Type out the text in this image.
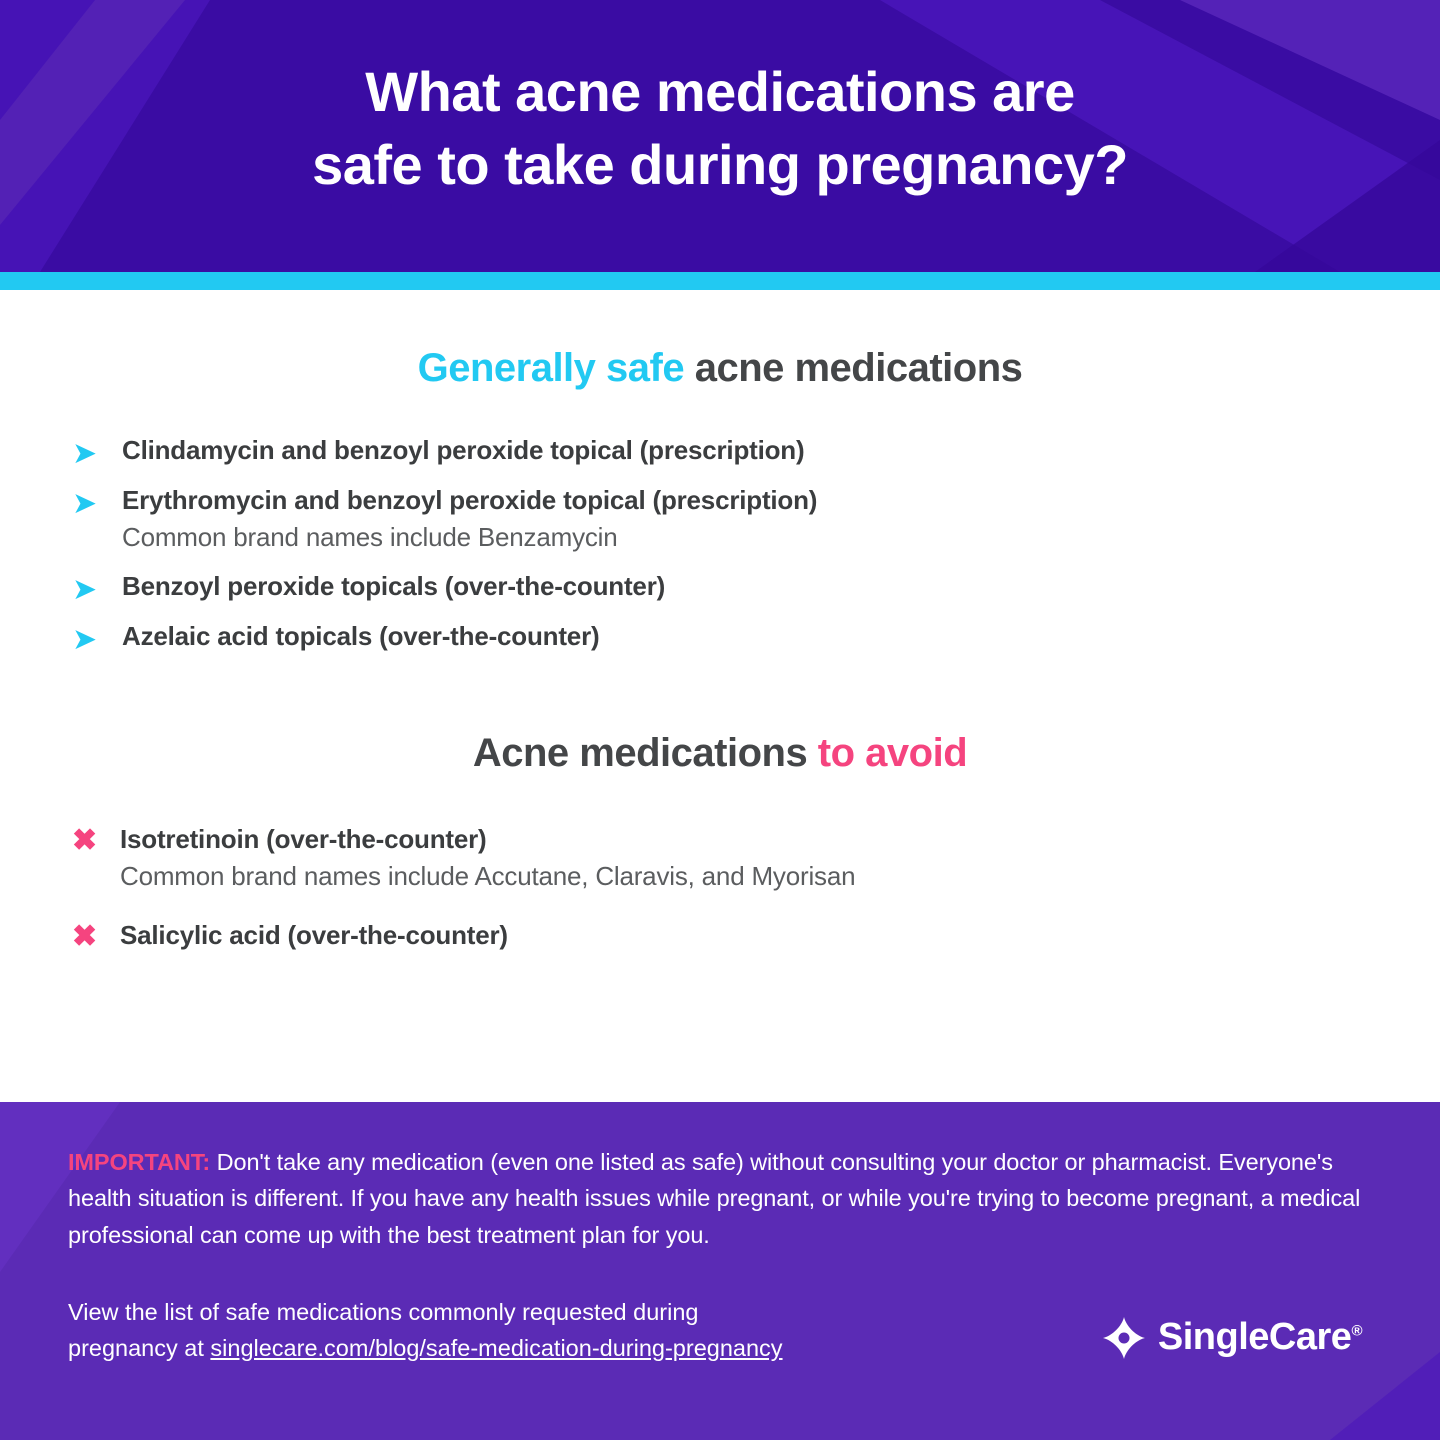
What acne medications are
safe to take during pregnancy?
Generally safe acne medications
➤ Clindamycin and benzoyl peroxide topical (prescription)
➤ Erythromycin and benzoyl peroxide topical (prescription)
Common brand names include Benzamycin
➤ Benzoyl peroxide topicals (over-the-counter)
➤ Azelaic acid topicals (over-the-counter)
Acne medications to avoid
✖ Isotretinoin (over-the-counter)
Common brand names include Accutane, Claravis, and Myorisan
✖ Salicylic acid (over-the-counter)

IMPORTANT: Don't take any medication (even one listed as safe) without consulting your doctor or pharmacist. Everyone's health situation is different. If you have any health issues while pregnant, or while you're trying to become pregnant, a medical professional can come up with the best treatment plan for you.

View the list of safe medications commonly requested during
pregnancy at singlecare.com/blog/safe-medication-during-pregnancy	SingleCare®
